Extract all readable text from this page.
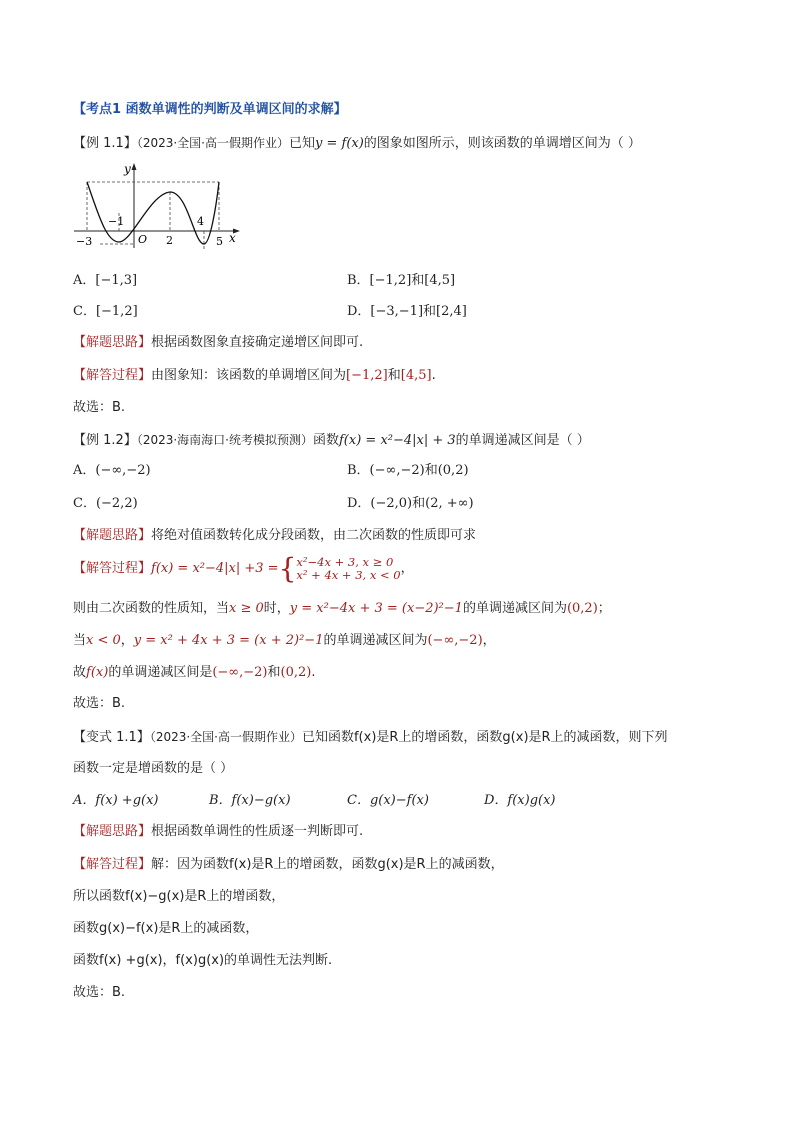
【考点1 函数单调性的判断及单调区间的求解】
【例 1.1】（2023·全国·高一假期作业）已知y = f(x)的图象如图所示，则该函数的单调增区间为（ ）
y
x
O
−3
−1
2
4
5
A．[−1,3]	B．[−1,2]和[4,5]
C．[−1,2]	D．[−3,−1]和[2,4]
【解题思路】根据函数图象直接确定递增区间即可.
【解答过程】由图象知：该函数的单调增区间为[−1,2]和[4,5].
故选：B.
【例 1.2】（2023·海南海口·统考模拟预测）函数f(x) = x²−4|x| + 3的单调递减区间是（ ）
A．(−∞,−2)	B．(−∞,−2)和(0,2)
C．(−2,2)	D．(−2,0)和(2, +∞)
【解题思路】将绝对值函数转化成分段函数，由二次函数的性质即可求
【解答过程】f(x) = x²−4|x| +3 ={ x²−4x + 3, x ≥ 0
x² + 4x + 3, x < 0 ，
则由二次函数的性质知，当x ≥ 0时，y = x²−4x + 3 = (x−2)²−1的单调递减区间为(0,2)；
当x < 0，y = x² + 4x + 3 = (x + 2)²−1的单调递减区间为(−∞,−2)，
故f(x)的单调递减区间是(−∞,−2)和(0,2).
故选：B.
【变式 1.1】（2023·全国·高一假期作业）已知函数f(x)是R上的增函数，函数g(x)是R上的减函数，则下列
函数一定是增函数的是（ ）
A．f(x) +g(x)	B．f(x)−g(x)	C．g(x)−f(x)	D．f(x)g(x)
【解题思路】根据函数单调性的性质逐一判断即可.
【解答过程】解：因为函数f(x)是R上的增函数，函数g(x)是R上的减函数，
所以函数f(x)−g(x)是R上的增函数，
函数g(x)−f(x)是R上的减函数，
函数f(x) +g(x)，f(x)g(x)的单调性无法判断.
故选：B.
